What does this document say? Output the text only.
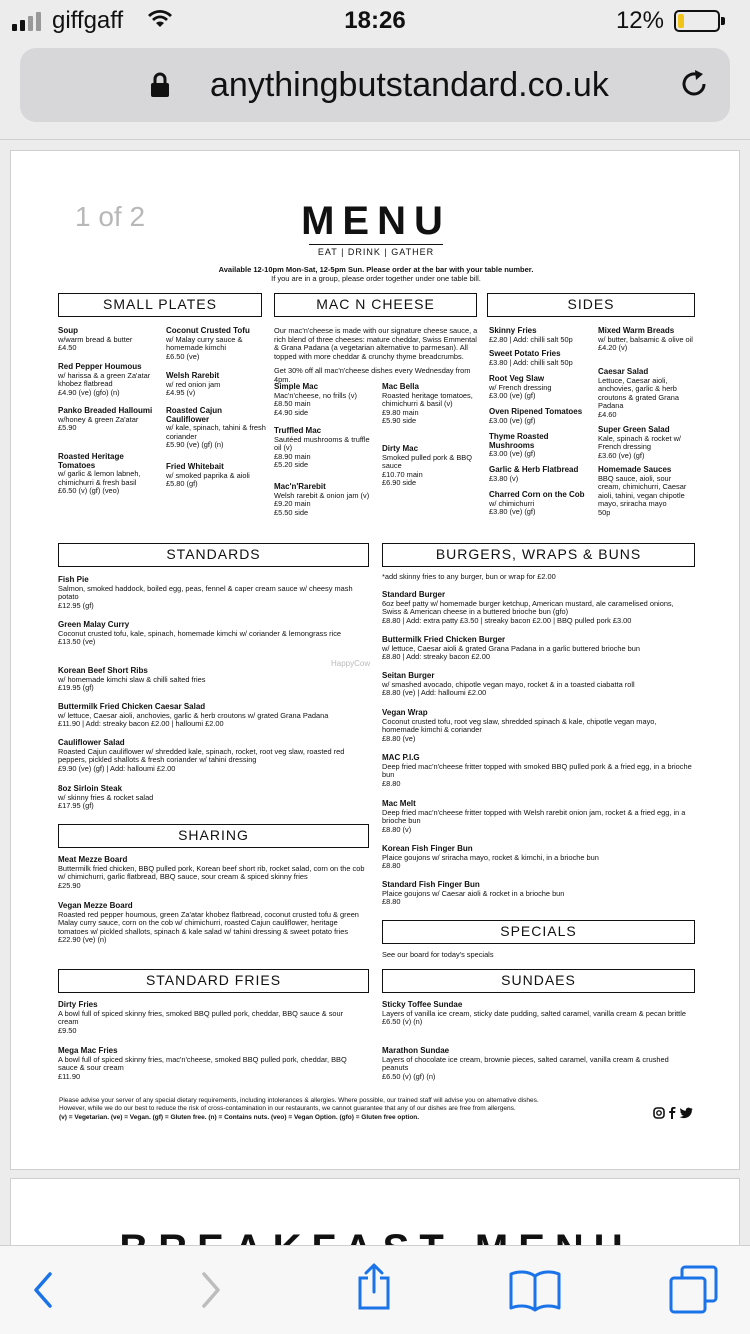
giffgaff	18:26	12%
anythingbutstandard.co.uk
1 of 2	MENU
EAT | DRINK | GATHER
Available 12-10pm Mon-Sat, 12-5pm Sun. Please order at the bar with your table number.
If you are in a group, please order together under one table bill.
SMALL PLATES	MAC N CHEESE	SIDES
STANDARDS	BURGERS, WRAPS & BUNS
SHARING
SPECIALS
STANDARD FRIES	SUNDAES
Soup
w/warm bread & butter
£4.50
Red Pepper Houmous
w/ harissa & a green Za'atar khobez flatbread
£4.90 (ve) (gfo) (n)
Panko Breaded Halloumi
w/honey & green Za'atar
£5.90
Roasted Heritage Tomatoes
w/ garlic & lemon labneh, chimichurri & fresh basil
£6.50 (v) (gf) (veo)
Coconut Crusted Tofu
w/ Malay curry sauce & homemade kimchi
£6.50 (ve)
Welsh Rarebit
w/ red onion jam
£4.95 (v)
Roasted Cajun Cauliflower
w/ kale, spinach, tahini & fresh coriander
£5.90 (ve) (gf) (n)
Fried Whitebait
w/ smoked paprika & aioli
£5.80 (gf)
Our mac'n'cheese is made with our signature cheese sauce, a rich blend of three cheeses: mature cheddar, Swiss Emmental & Grana Padana (a vegetarian alternative to parmesan). All topped with more cheddar & crunchy thyme breadcrumbs.
Get 30% off all mac'n'cheese dishes every Wednesday from 4pm.
Simple Mac
Mac'n'cheese, no frills (v)
£8.50 main
£4.90 side
Truffled Mac
Sautéed mushrooms & truffle oil (v)
£8.90 main
£5.20 side
Mac'n'Rarebit
Welsh rarebit & onion jam (v)
£9.20 main
£5.50 side
Mac Bella
Roasted heritage tomatoes, chimichurri & basil (v)
£9.80 main
£5.90 side
Dirty Mac
Smoked pulled pork & BBQ sauce
£10.70 main
£6.90 side
Skinny Fries
£2.80 | Add: chilli salt 50p
Sweet Potato Fries
£3.80 | Add: chilli salt 50p
Root Veg Slaw
w/ French dressing
£3.00 (ve) (gf)
Oven Ripened Tomatoes
£3.00 (ve) (gf)
Thyme Roasted Mushrooms
£3.00 (ve) (gf)
Garlic & Herb Flatbread
£3.80 (v)
Charred Corn on the Cob
w/ chimichurri
£3.80 (ve) (gf)
Mixed Warm Breads
w/ butter, balsamic & olive oil
£4.20 (v)
Caesar Salad
Lettuce, Caesar aioli, anchovies, garlic & herb croutons & grated Grana Padana
£4.60
Super Green Salad
Kale, spinach & rocket w/ French dressing
£3.60 (ve) (gf)
Homemade Sauces
BBQ sauce, aioli, sour cream, chimichurri, Caesar aioli, tahini, vegan chipotle mayo, sriracha mayo
50p
Fish Pie
Salmon, smoked haddock, boiled egg, peas, fennel & caper cream sauce w/ cheesy mash potato
£12.95 (gf)
Green Malay Curry
Coconut crusted tofu, kale, spinach, homemade kimchi w/ coriander & lemongrass rice
£13.50 (ve)
Korean Beef Short Ribs
w/ homemade kimchi slaw & chilli salted fries
£19.95 (gf)
Buttermilk Fried Chicken Caesar Salad
w/ lettuce, Caesar aioli, anchovies, garlic & herb croutons w/ grated Grana Padana
£11.90 | Add: streaky bacon £2.00 | halloumi £2.00
Cauliflower Salad
Roasted Cajun cauliflower w/ shredded kale, spinach, rocket, root veg slaw, roasted red peppers, pickled shallots & fresh coriander w/ tahini dressing
£9.90 (ve) (gf) | Add: halloumi £2.00
8oz Sirloin Steak
w/ skinny fries & rocket salad
£17.95 (gf)
Meat Mezze Board
Buttermilk fried chicken, BBQ pulled pork, Korean beef short rib, rocket salad, corn on the cob w/ chimichurri, garlic flatbread, BBQ sauce, sour cream & spiced skinny fries
£25.90
Vegan Mezze Board
Roasted red pepper houmous, green Za'atar khobez flatbread, coconut crusted tofu & green Malay curry sauce, corn on the cob w/ chimichurri, roasted Cajun cauliflower, heritage tomatoes w/ pickled shallots, spinach & kale salad w/ tahini dressing & sweet potato fries
£22.90 (ve) (n)
Dirty Fries
A bowl full of spiced skinny fries, smoked BBQ pulled pork, cheddar, BBQ sauce & sour cream
£9.50
Mega Mac Fries
A bowl full of spiced skinny fries, mac'n'cheese, smoked BBQ pulled pork, cheddar, BBQ sauce & sour cream
£11.90
*add skinny fries to any burger, bun or wrap for £2.00
Standard Burger
6oz beef patty w/ homemade burger ketchup, American mustard, ale caramelised onions, Swiss & American cheese in a buttered brioche bun (gfo)
£8.80 | Add: extra patty £3.50 | streaky bacon £2.00 | BBQ pulled pork £3.00
Buttermilk Fried Chicken Burger
w/ lettuce, Caesar aioli & grated Grana Padana in a garlic buttered brioche bun
£8.80 | Add: streaky bacon £2.00
Seitan Burger
w/ smashed avocado, chipotle vegan mayo, rocket & in a toasted ciabatta roll
£8.80 (ve) | Add: halloumi £2.00
Vegan Wrap
Coconut crusted tofu, root veg slaw, shredded spinach & kale, chipotle vegan mayo, homemade kimchi & coriander
£8.80 (ve)
MAC P.I.G
Deep fried mac'n'cheese fritter topped with smoked BBQ pulled pork & a fried egg, in a brioche bun
£8.80
Mac Melt
Deep fried mac'n'cheese fritter topped with Welsh rarebit onion jam, rocket & a fried egg, in a brioche bun
£8.80 (v)
Korean Fish Finger Bun
Plaice goujons w/ sriracha mayo, rocket & kimchi, in a brioche bun
£8.80
Standard Fish Finger Bun
Plaice goujons w/ Caesar aioli & rocket in a brioche bun
£8.80
See our board for today's specials
Sticky Toffee Sundae
Layers of vanilla ice cream, sticky date pudding, salted caramel, vanilla cream & pecan brittle
£6.50 (v) (n)
Marathon Sundae
Layers of chocolate ice cream, brownie pieces, salted caramel, vanilla cream & crushed peanuts
£6.50 (v) (gf) (n)
Please advise your server of any special dietary requirements, including intolerances & allergies. Where possible, our trained staff will advise you on alternative dishes.
However, while we do our best to reduce the risk of cross-contamination in our restaurants, we cannot guarantee that any of our dishes are free from allergens.
(v) = Vegetarian. (ve) = Vegan. (gf) = Gluten free. (n) = Contains nuts. (veo) = Vegan Option. (gfo) = Gluten free option.
HappyCow
